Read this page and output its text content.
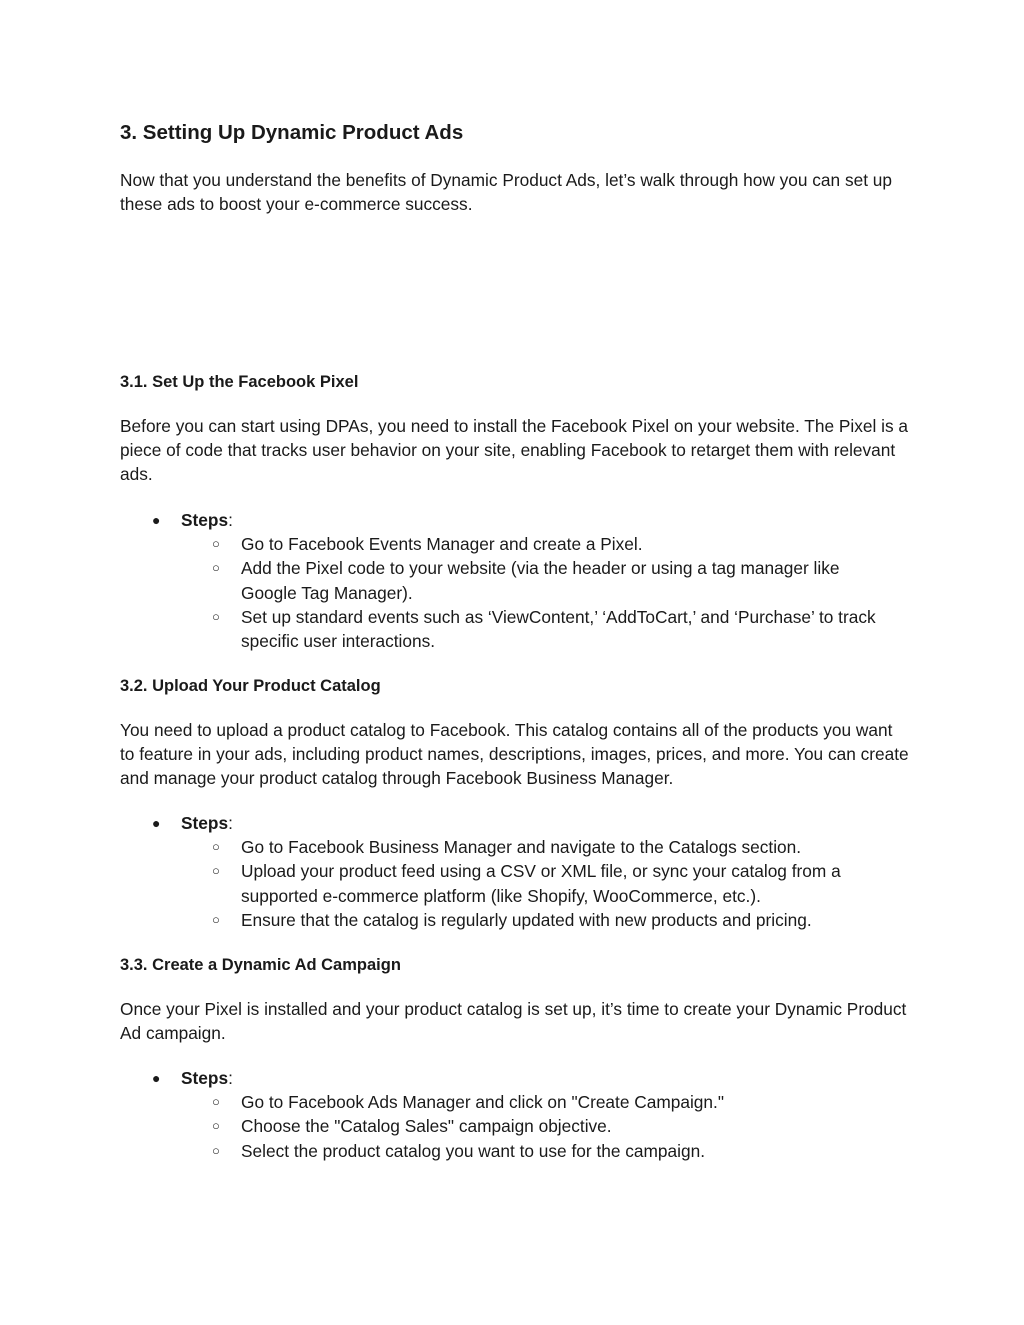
3. Setting Up Dynamic Product Ads

Now that you understand the benefits of Dynamic Product Ads, let’s walk through how you can set up these ads to boost your e-commerce success.

3.1. Set Up the Facebook Pixel

Before you can start using DPAs, you need to install the Facebook Pixel on your website. The Pixel is a piece of code that tracks user behavior on your site, enabling Facebook to retarget them with relevant ads.

● Steps:
○ Go to Facebook Events Manager and create a Pixel.
○ Add the Pixel code to your website (via the header or using a tag manager like Google Tag Manager).
○ Set up standard events such as ‘ViewContent,’ ‘AddToCart,’ and ‘Purchase’ to track specific user interactions.
3.2. Upload Your Product Catalog

You need to upload a product catalog to Facebook. This catalog contains all of the products you want to feature in your ads, including product names, descriptions, images, prices, and more. You can create and manage your product catalog through Facebook Business Manager.

● Steps:
○ Go to Facebook Business Manager and navigate to the Catalogs section.
○ Upload your product feed using a CSV or XML file, or sync your catalog from a supported e-commerce platform (like Shopify, WooCommerce, etc.).
○ Ensure that the catalog is regularly updated with new products and pricing.
3.3. Create a Dynamic Ad Campaign

Once your Pixel is installed and your product catalog is set up, it’s time to create your Dynamic Product Ad campaign.

● Steps:
○ Go to Facebook Ads Manager and click on "Create Campaign."
○ Choose the "Catalog Sales" campaign objective.
○ Select the product catalog you want to use for the campaign.
